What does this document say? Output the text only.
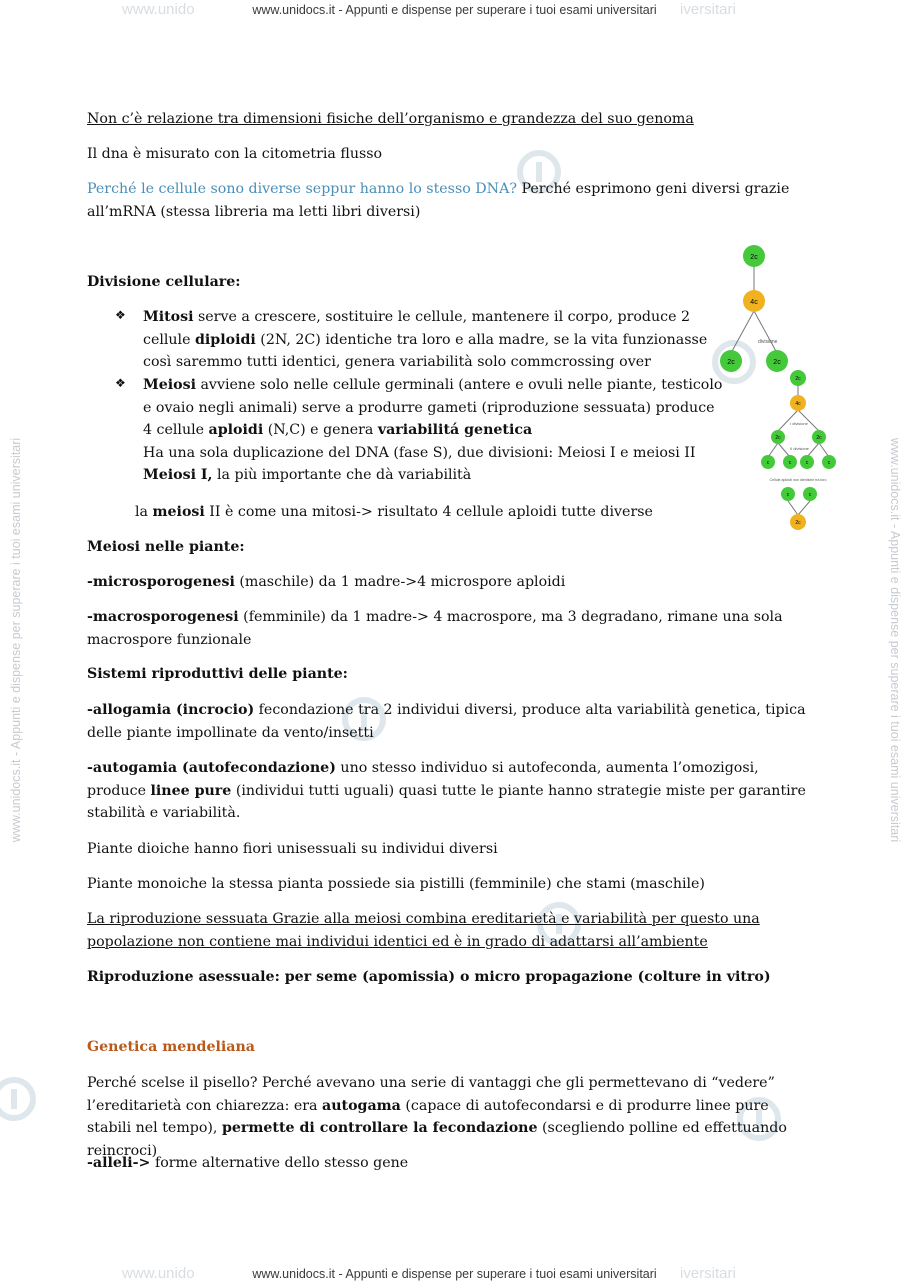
www.unido	iversitari
www.unidocs.it - Appunti e dispense per superare i tuoi esami universitari
www.unido	iversitari
www.unidocs.it - Appunti e dispense per superare i tuoi esami universitari
www.unidocs.it - Appunti e dispense per superare i tuoi esami universitari	www.unidocs.it - Appunti e dispense per superare i tuoi esami universitari

Non c’è relazione tra dimensioni fisiche dell’organismo e grandezza del suo genoma

Il dna è misurato con la citometria flusso

Perché le cellule sono diverse seppur hanno lo stesso DNA? Perché esprimono geni diversi grazie all’mRNA (stessa libreria ma letti libri diversi)

Divisione cellulare:

❖ Mitosi serve a crescere, sostituire le cellule, mantenere il corpo, produce 2 cellule diploidi (2N, 2C) identiche tra loro e alla madre, se la vita funzionasse così saremmo tutti identici, genera variabilità solo commcrossing over

❖ Meiosi avviene solo nelle cellule germinali (antere e ovuli nelle piante, testicolo e ovaio negli animali) serve a produrre gameti (riproduzione sessuata) produce 4 cellule aploidi (N,C) e genera variabilitá genetica
Ha una sola duplicazione del DNA (fase S), due divisioni: Meiosi I e meiosi II
Meiosi I, la più importante che dà variabilità

la meiosi II è come una mitosi-> risultato 4 cellule aploidi tutte diverse

Meiosi nelle piante:

-microsporogenesi (maschile) da 1 madre->4 microspore aploidi

-macrosporogenesi (femminile) da 1 madre-> 4 macrospore, ma 3 degradano, rimane una sola macrospore funzionale

Sistemi riproduttivi delle piante:

-allogamia (incrocio) fecondazione tra 2 individui diversi, produce alta variabilità genetica, tipica delle piante impollinate da vento/insetti

-autogamia (autofecondazione) uno stesso individuo si autofeconda, aumenta l’omozigosi, produce linee pure (individui tutti uguali) quasi tutte le piante hanno strategie miste per garantire stabilità e variabilità.

Piante dioiche hanno fiori unisessuali su individui diversi

Piante monoiche la stessa pianta possiede sia pistilli (femminile) che stami (maschile)

La riproduzione sessuata Grazie alla meiosi combina ereditarietà e variabilità per questo una popolazione non contiene mai individui identici ed è in grado di adattarsi all’ambiente

Riproduzione asessuale: per seme (apomissia) o micro propagazione (colture in vitro)

Genetica mendeliana

Perché scelse il pisello? Perché avevano una serie di vantaggi che gli permettevano di “vedere” l’ereditarietà con chiarezza: era autogama (capace di autofecondarsi e di produrre linee pure stabili nel tempo), permette di controllare la fecondazione (scegliendo polline ed effettuando reincroci)

-alleli-> forme alternative dello stesso gene

2c
4c
divisione
2c	2c
2c
4c
I divisione
2c	2c
II divisione
c	c	c	c
Cellule aploidi non identiche tra loro
c	c
2c
